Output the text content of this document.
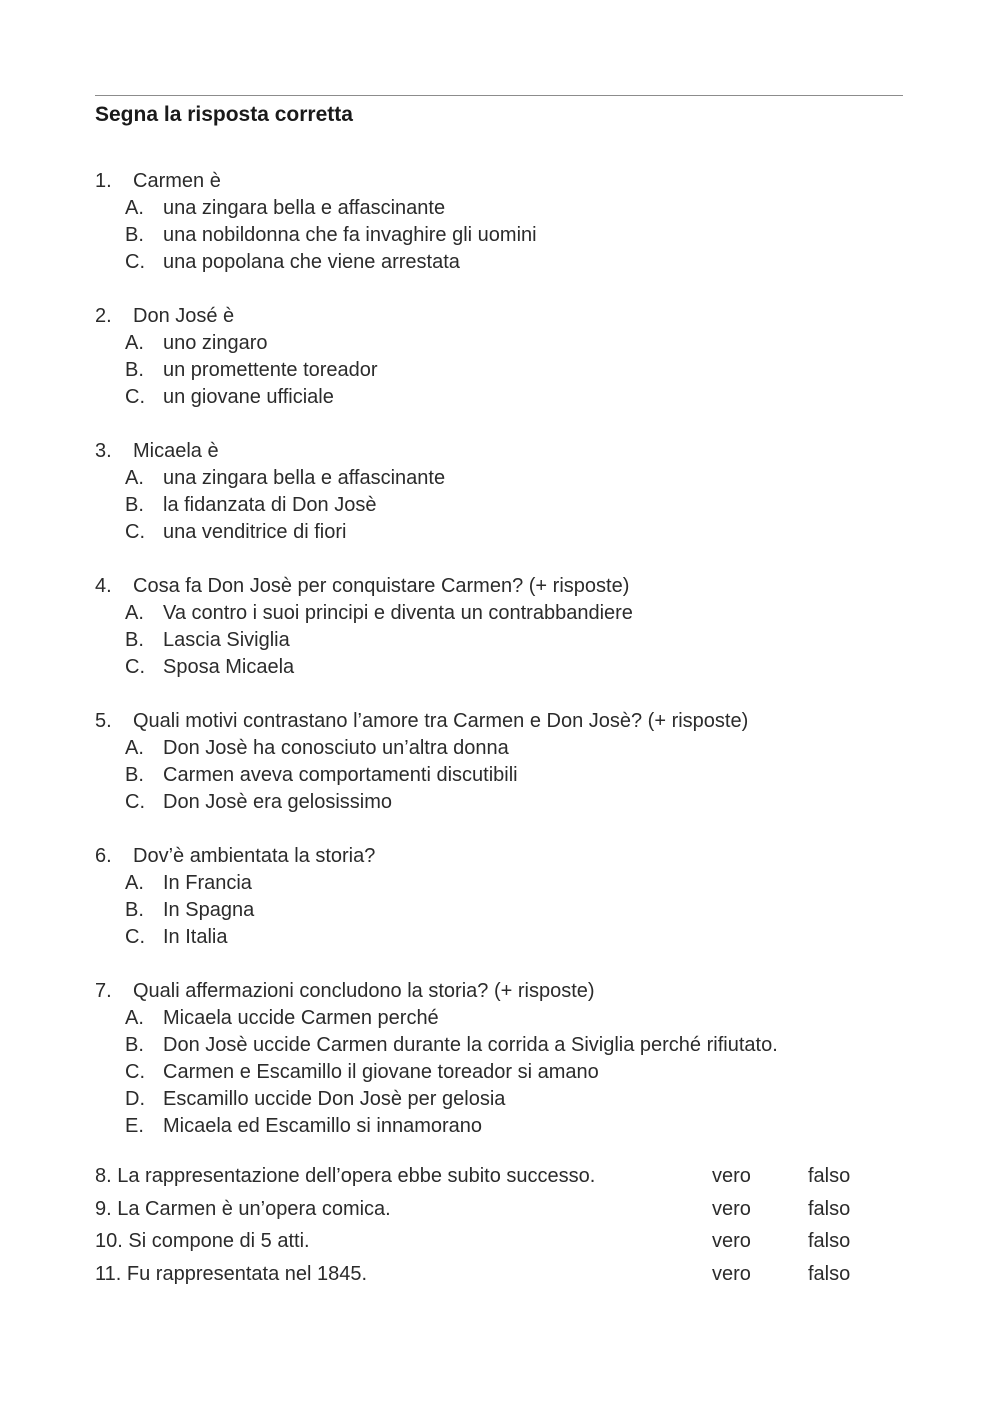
Segna la risposta corretta
1.	Carmen è
A. una zingara bella e affascinante
B. una nobildonna che fa invaghire gli uomini
C. una popolana che viene arrestata
2.	Don José è
A. uno zingaro
B. un promettente toreador
C. un giovane ufficiale
3.	Micaela è
A. una zingara bella e affascinante
B. la fidanzata di Don Josè
C. una venditrice di fiori
4.	Cosa fa Don Josè per conquistare Carmen? (+ risposte)
A. Va contro i suoi principi e diventa un contrabbandiere
B. Lascia Siviglia
C. Sposa Micaela
5.	Quali motivi contrastano l’amore tra Carmen e Don Josè? (+ risposte)
A. Don Josè ha conosciuto un’altra donna
B. Carmen aveva comportamenti discutibili
C. Don Josè era gelosissimo
6.	Dov’è ambientata la storia?
A. In Francia
B. In Spagna
C. In Italia
7.	Quali affermazioni concludono la storia? (+ risposte)
A. Micaela uccide Carmen perché
B. Don Josè uccide Carmen durante la corrida a Siviglia perché rifiutato.
C. Carmen e Escamillo il giovane toreador si amano
D. Escamillo uccide Don Josè per gelosia
E. Micaela ed Escamillo si innamorano
8. La rappresentazione dell’opera ebbe subito successo.	vero	falso
9. La Carmen è un’opera comica.	vero	falso
10. Si compone di 5 atti.	vero	falso
11. Fu rappresentata nel 1845.	vero	falso
